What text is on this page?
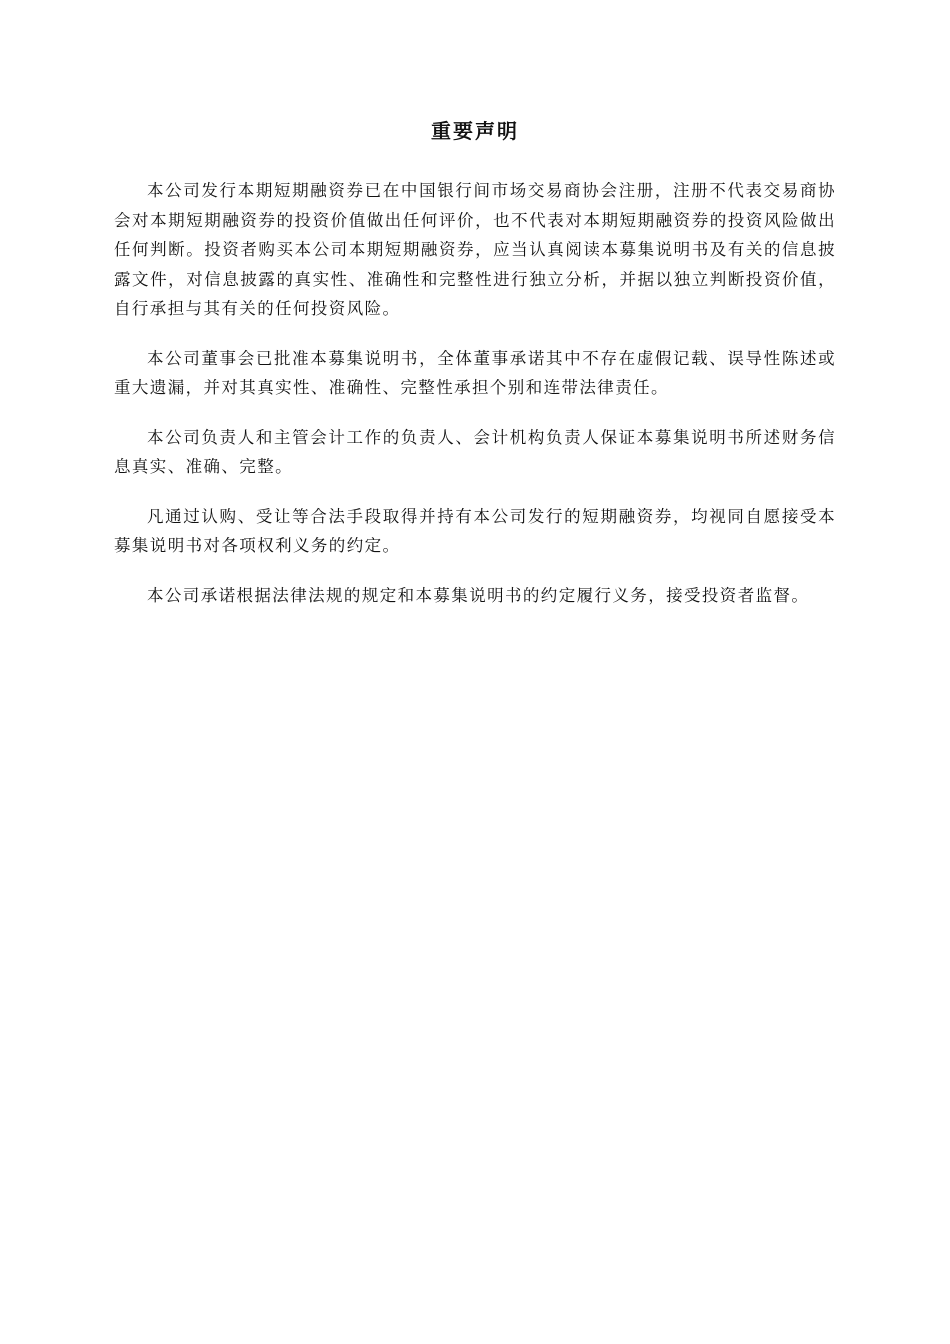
重要声明

本公司发行本期短期融资券已在中国银行间市场交易商协会注册，注册不代表交易商协会对本期短期融资券的投资价值做出任何评价，也不代表对本期短期融资券的投资风险做出任何判断。投资者购买本公司本期短期融资券，应当认真阅读本募集说明书及有关的信息披露文件，对信息披露的真实性、准确性和完整性进行独立分析，并据以独立判断投资价值，自行承担与其有关的任何投资风险。

本公司董事会已批准本募集说明书，全体董事承诺其中不存在虚假记载、误导性陈述或重大遗漏，并对其真实性、准确性、完整性承担个别和连带法律责任。

本公司负责人和主管会计工作的负责人、会计机构负责人保证本募集说明书所述财务信息真实、准确、完整。

凡通过认购、受让等合法手段取得并持有本公司发行的短期融资券，均视同自愿接受本募集说明书对各项权利义务的约定。

本公司承诺根据法律法规的规定和本募集说明书的约定履行义务，接受投资者监督。
